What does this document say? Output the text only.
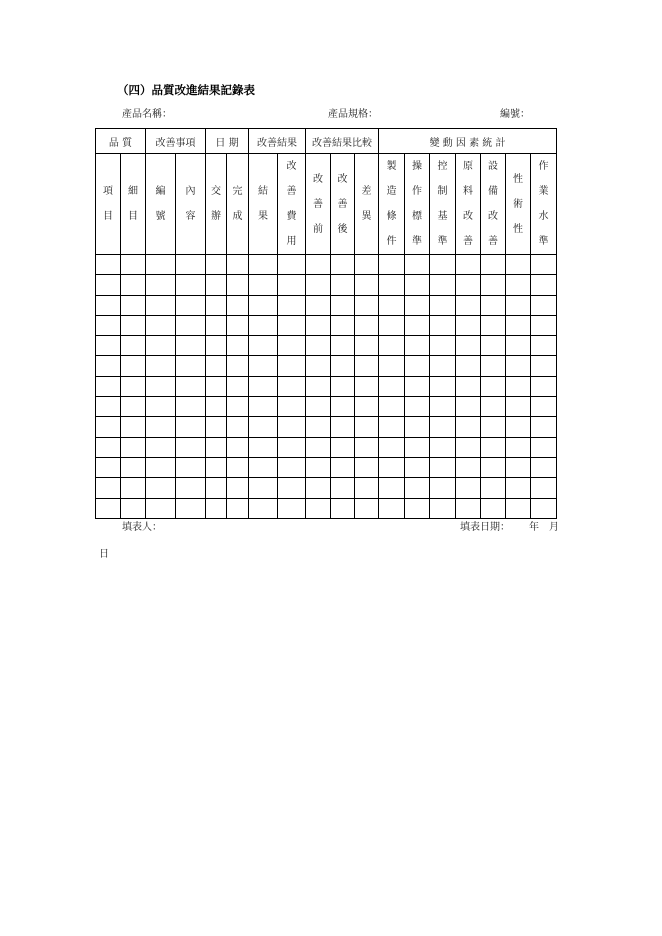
（四）品質改進結果記錄表
產品名稱：	產品規格：	編號：
品 質		改善事項		日 期		改善結果		改善結果比較			變 動 因 素 統 計						

項目	細目	編號	內容	交辦	完成	結果	改善費用	改善前	改善後	差異	製造條件	操作標準	控制基準	原料改善	設備改善	性術性	作業水準

填表人：	填表日期： 年 月
日
